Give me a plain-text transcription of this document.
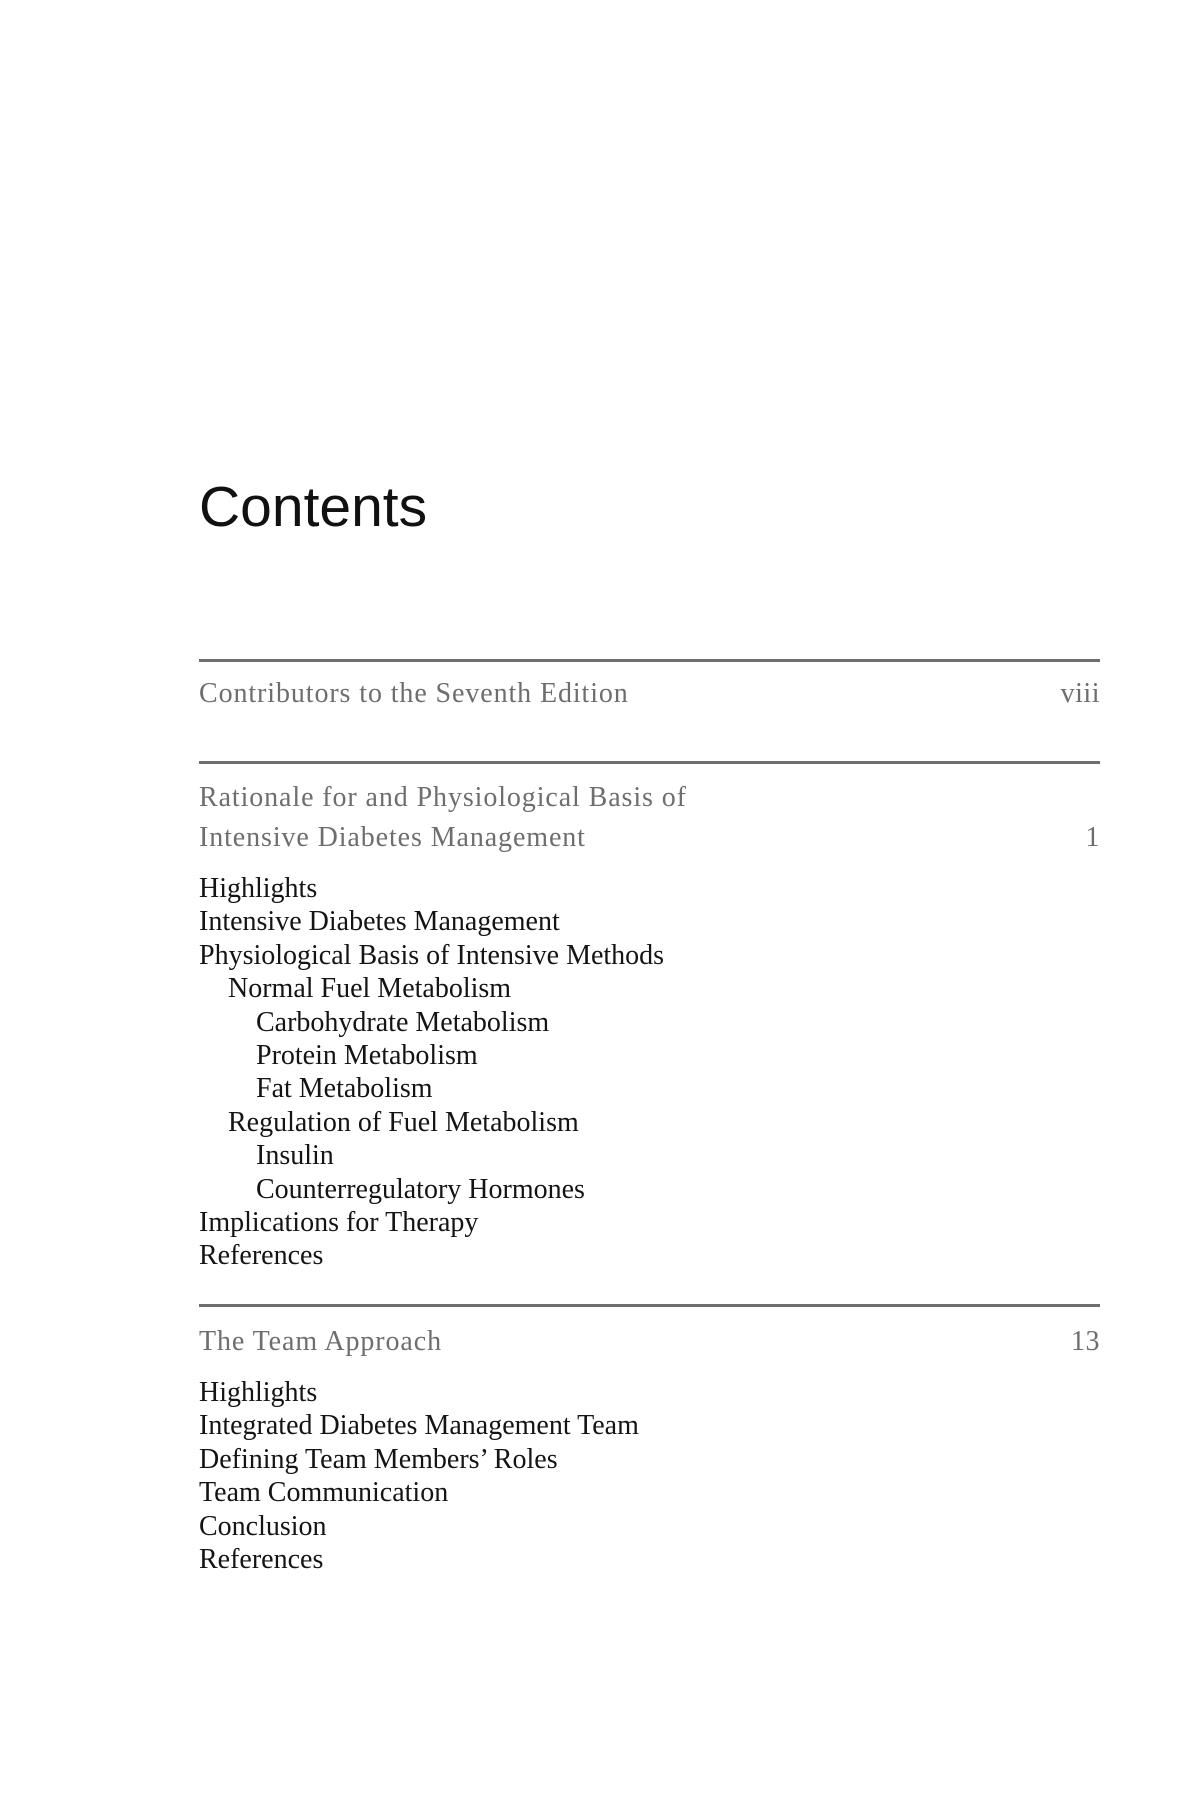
Contents
Contributors to the Seventh Edition	viii
Rationale for and Physiological Basis of
Intensive Diabetes Management	1
Highlights
Intensive Diabetes Management
Physiological Basis of Intensive Methods
Normal Fuel Metabolism
Carbohydrate Metabolism
Protein Metabolism
Fat Metabolism
Regulation of Fuel Metabolism
Insulin
Counterregulatory Hormones
Implications for Therapy
References
The Team Approach	13
Highlights
Integrated Diabetes Management Team
Defining Team Members’ Roles
Team Communication
Conclusion
References
